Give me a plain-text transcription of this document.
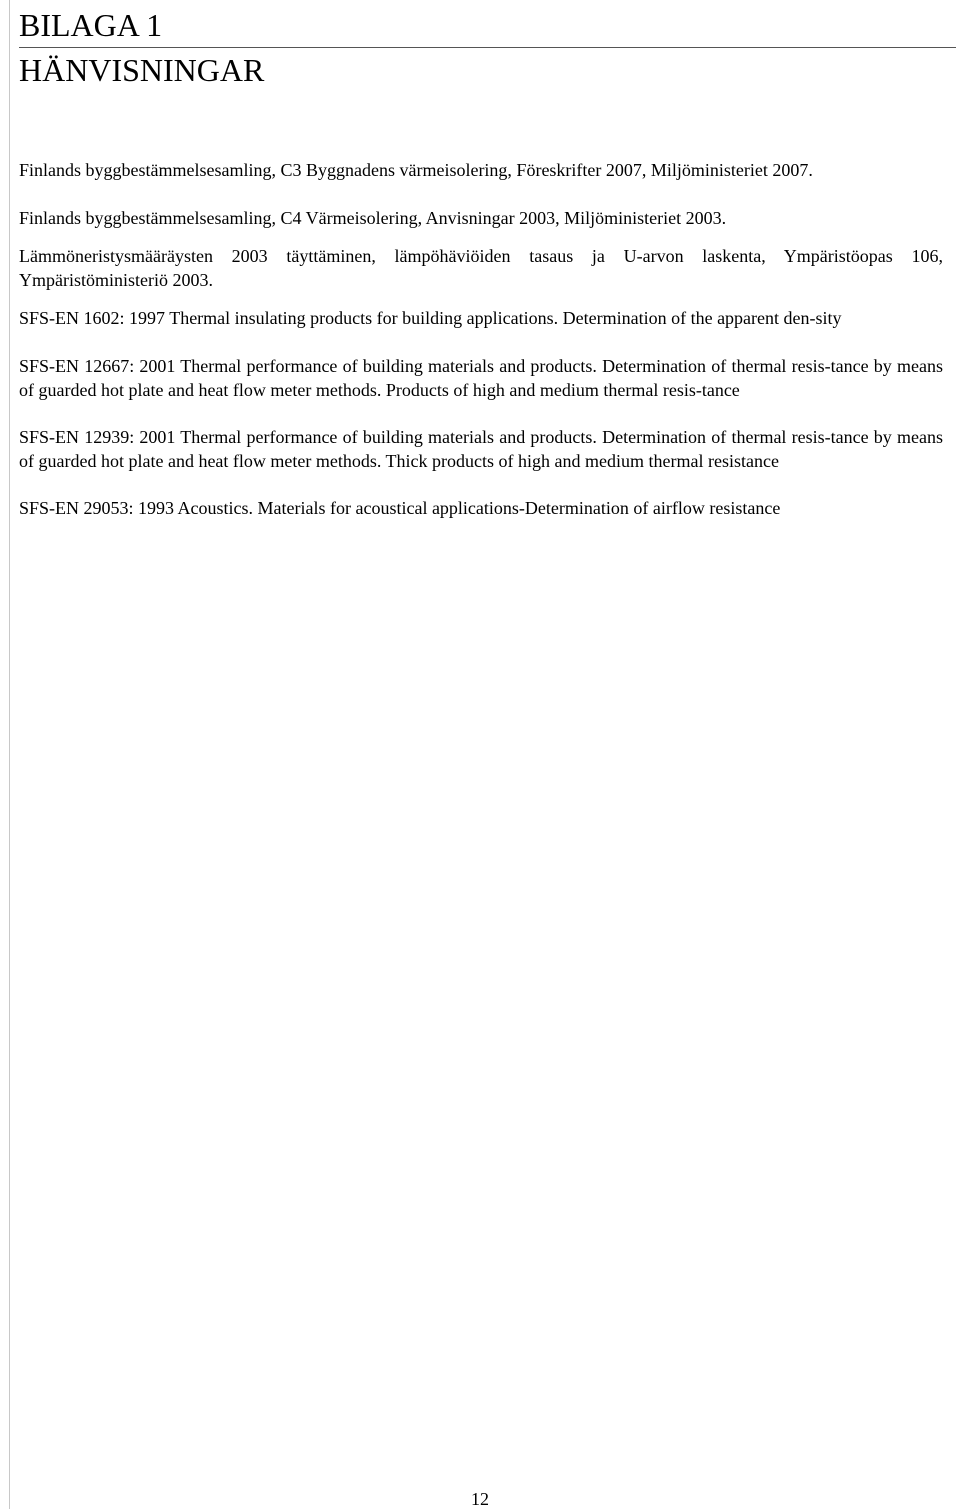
BILAGA 1
HÄNVISNINGAR

Finlands byggbestämmelsesamling, C3 Byggnadens värmeisolering, Föreskrifter 2007, Miljöministeriet 2007.

Finlands byggbestämmelsesamling, C4 Värmeisolering, Anvisningar 2003, Miljöministeriet 2003.

Lämmöneristysmääräysten 2003 täyttäminen, lämpöhäviöiden tasaus ja U-arvon laskenta, Ympäristöopas 106, Ympäristöministeriö 2003.

SFS-EN 1602: 1997 Thermal insulating products for building applications. Determination of the apparent den-sity

SFS-EN 12667: 2001 Thermal performance of building materials and products. Determination of thermal resis-tance by means of guarded hot plate and heat flow meter methods. Products of high and medium thermal resis-tance

SFS-EN 12939: 2001 Thermal performance of building materials and products. Determination of thermal resis-tance by means of guarded hot plate and heat flow meter methods. Thick products of high and medium thermal resistance

SFS-EN 29053: 1993 Acoustics. Materials for acoustical applications-Determination of airflow resistance

12
